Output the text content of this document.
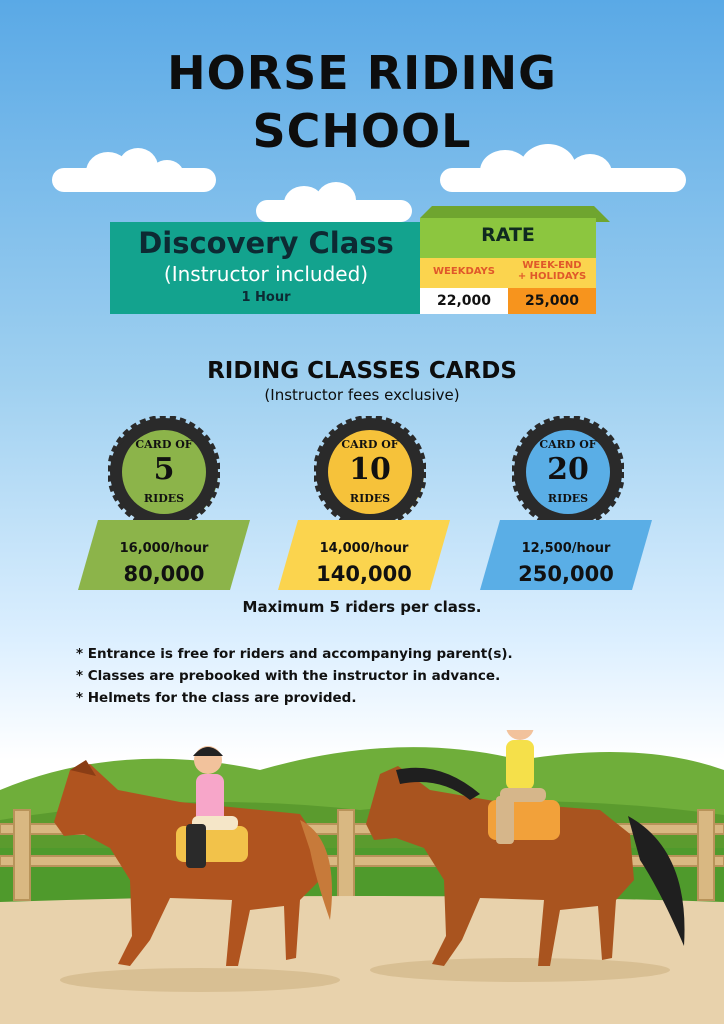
HORSE RIDING
SCHOOL
Discovery Class
(Instructor included)
1 Hour
RATE
WEEKDAYS
WEEK-END
+ HOLIDAYS
22,000	25,000
RIDING CLASSES CARDS
(Instructor fees exclusive)
CARD OF
5
RIDES
16,000/hour
80,000
CARD OF
10
RIDES
14,000/hour
140,000
CARD OF
20
RIDES
12,500/hour
250,000
Maximum 5 riders per class.
* Entrance is free for riders and accompanying parent(s).
* Classes are prebooked with the instructor in advance.
* Helmets for the class are provided.
